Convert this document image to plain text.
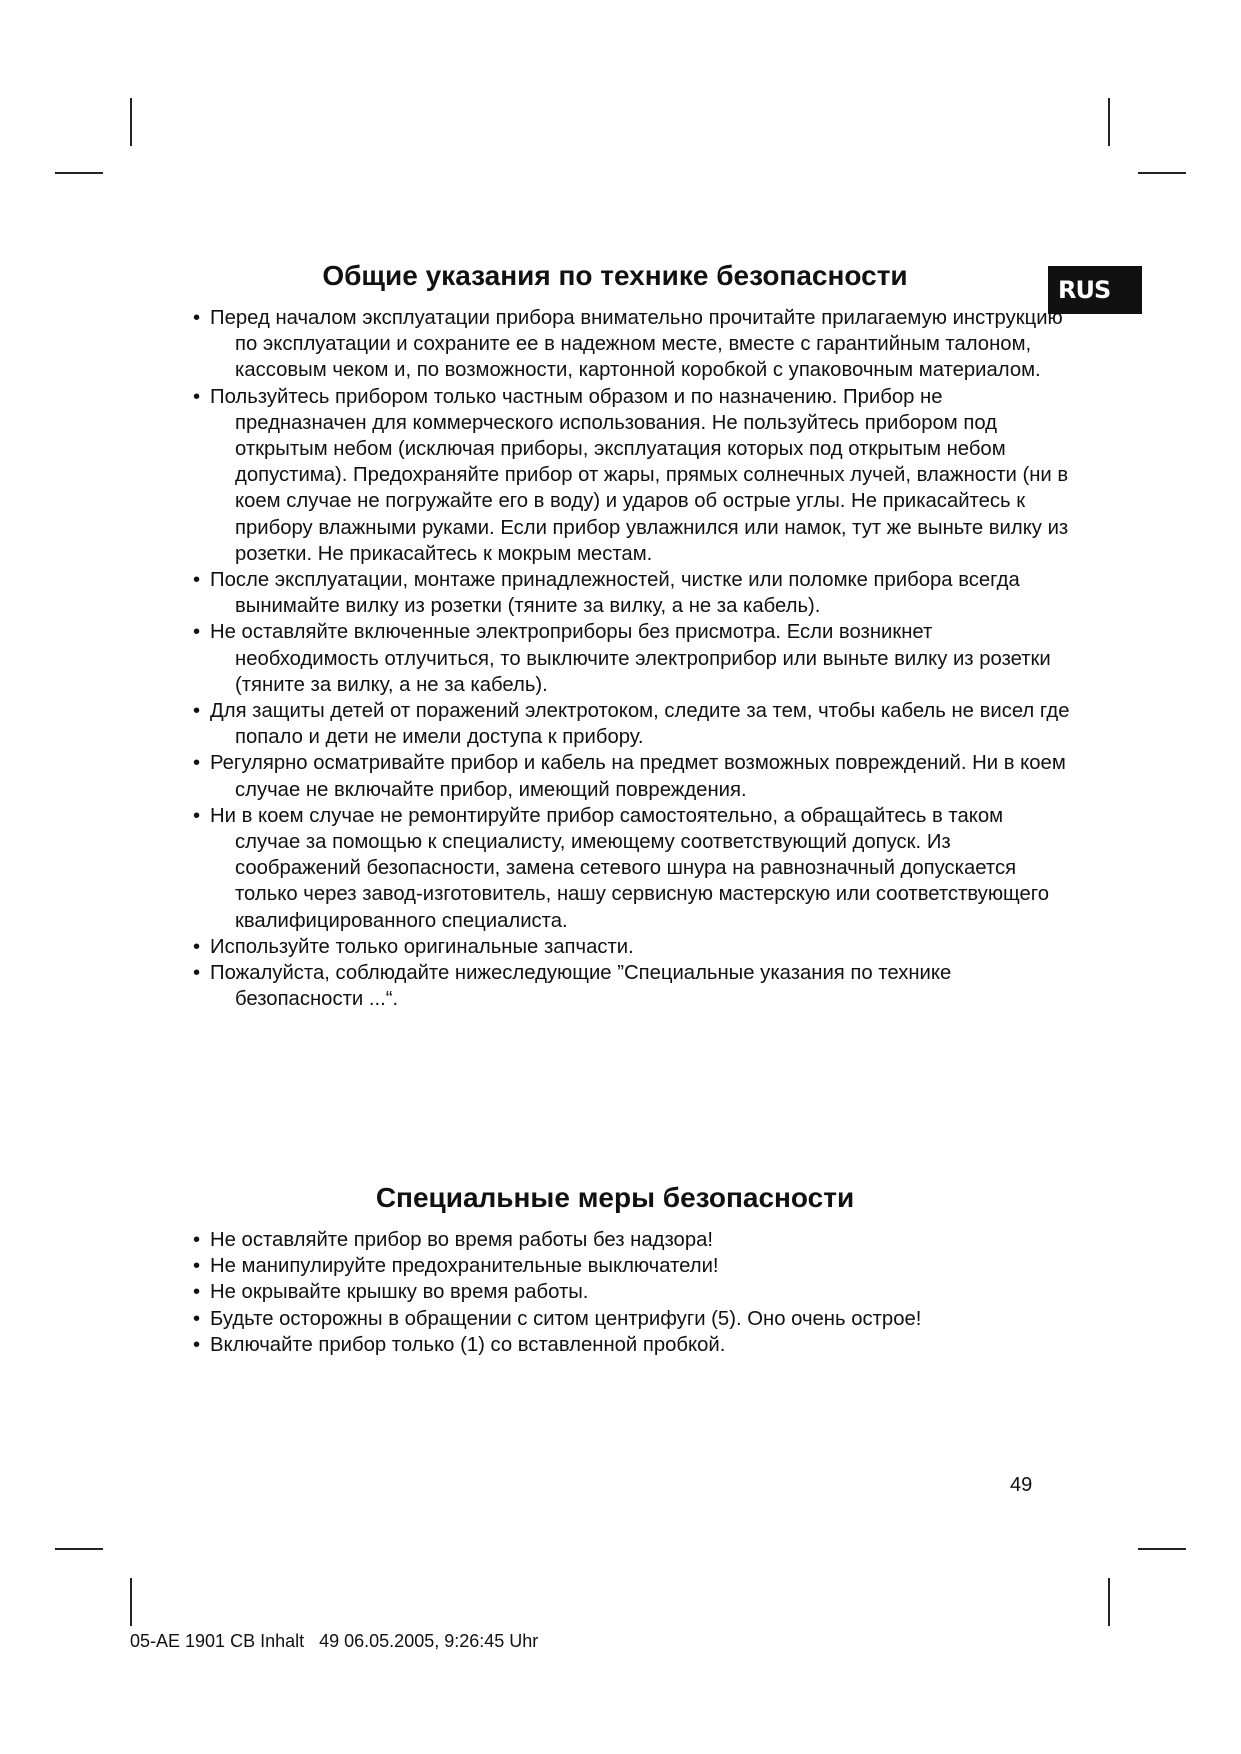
RUS
Общие указания по технике безопасности
• Перед началом эксплуатации прибора внимательно прочитайте прилагаемую инструкцию по эксплуатации и сохраните ее в надежном месте, вместе с гарантийным талоном, кассовым чеком и, по возможности, картонной коробкой с упаковочным материалом.
• Пользуйтесь прибором только частным образом и по назначению. Прибор не предназначен для коммерческого использования. Не пользуйтесь прибором под открытым небом (исключая приборы, эксплуатация которых под открытым небом допустима). Предохраняйте прибор от жары, прямых солнечных лучей, влажности (ни в коем случае не погружайте его в воду) и ударов об острые углы. Не прикасайтесь к прибору влажными руками. Если прибор увлажнился или намок, тут же выньте вилку из розетки. Не прикасайтесь к мокрым местам.
• После эксплуатации, монтаже принадлежностей, чистке или поломке прибора всегда вынимайте вилку из розетки (тяните за вилку, а не за кабель).
• Не оставляйте включенные электроприборы без присмотра. Если возникнет необходимость отлучиться, то выключите электроприбор или выньте вилку из розетки (тяните за вилку, а не за кабель).
• Для защиты детей от поражений электротоком, следите за тем, чтобы кабель не висел где попало и дети не имели доступа к прибору.
• Регулярно осматривайте прибор и кабель на предмет возможных повреждений. Ни в коем случае не включайте прибор, имеющий повреждения.
• Ни в коем случае не ремонтируйте прибор самостоятельно, а обращайтесь в таком случае за помощью к специалисту, имеющему соответствующий допуск. Из соображений безопасности, замена сетевого шнура на равнозначный допускается только через завод-изготовитель, нашу сервисную мастерскую или соответствующего квалифицированного специалиста.
• Используйте только оригинальные запчасти.
• Пожалуйста, соблюдайте нижеследующие ”Специальные указания по технике безопасности ...“.
Специальные меры безопасности
• Не оставляйте прибор во время работы без надзора!
• Не манипулируйте предохранительные выключатели!
• Не окрывайте крышку во время работы.
• Будьте осторожны в обращении с ситом центрифуги (5). Оно очень острое!
• Включайте прибор только (1) со вставленной пробкой.
49
05-AE 1901 CB Inhalt   49 06.05.2005, 9:26:45 Uhr
